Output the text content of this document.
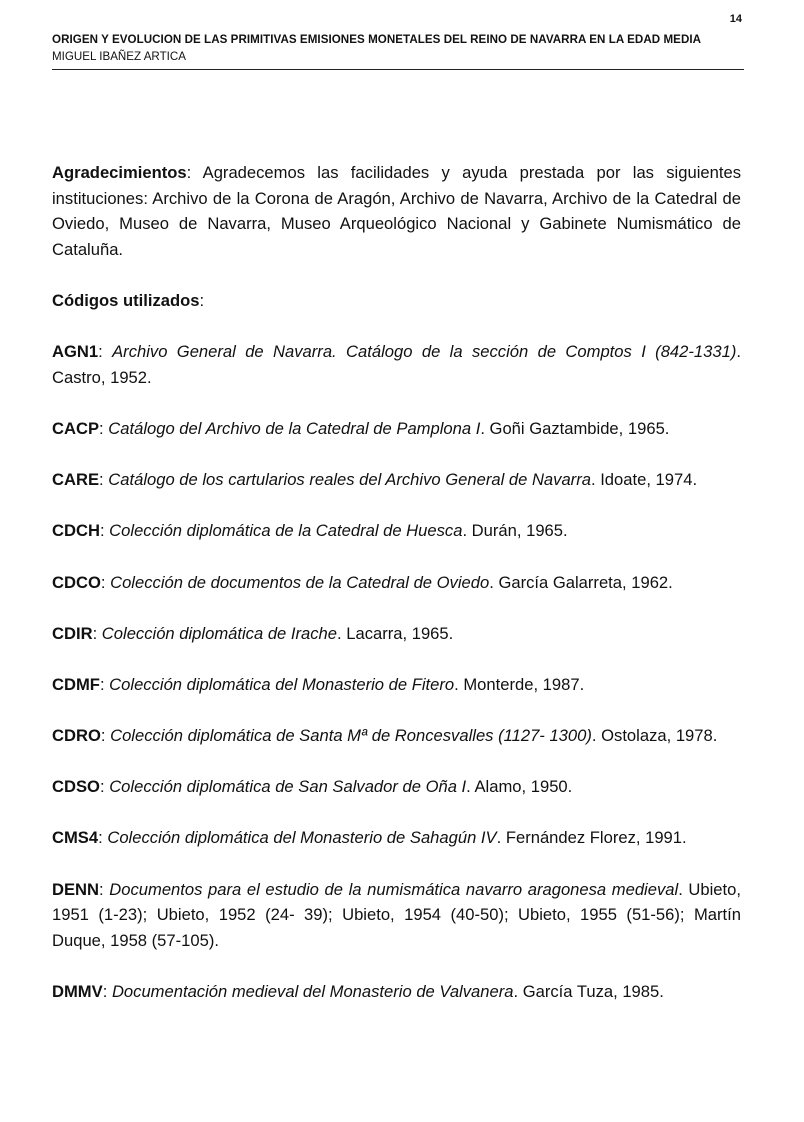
14
ORIGEN Y EVOLUCION DE LAS PRIMITIVAS EMISIONES MONETALES DEL REINO DE NAVARRA EN LA EDAD MEDIA
MIGUEL IBAÑEZ ARTICA

Agradecimientos: Agradecemos las facilidades y ayuda prestada por las siguientes instituciones: Archivo de la Corona de Aragón, Archivo de Navarra, Archivo de la Catedral de Oviedo, Museo de Navarra, Museo Arqueológico Nacional y Gabinete Numismático de Cataluña.

Códigos utilizados:

AGN1: Archivo General de Navarra. Catálogo de la sección de Comptos I (842-1331). Castro, 1952.

CACP: Catálogo del Archivo de la Catedral de Pamplona I. Goñi Gaztambide, 1965.

CARE: Catálogo de los cartularios reales del Archivo General de Navarra. Idoate, 1974.

CDCH: Colección diplomática de la Catedral de Huesca. Durán, 1965.

CDCO: Colección de documentos de la Catedral de Oviedo. García Galarreta, 1962.

CDIR: Colección diplomática de Irache. Lacarra, 1965.

CDMF: Colección diplomática del Monasterio de Fitero. Monterde, 1987.

CDRO: Colección diplomática de Santa Mª de Roncesvalles (1127- 1300). Ostolaza, 1978.

CDSO: Colección diplomática de San Salvador de Oña I. Alamo, 1950.

CMS4: Colección diplomática del Monasterio de Sahagún IV. Fernández Florez, 1991.

DENN: Documentos para el estudio de la numismática navarro aragonesa medieval. Ubieto, 1951 (1-23); Ubieto, 1952 (24- 39); Ubieto, 1954 (40-50); Ubieto, 1955 (51-56); Martín Duque, 1958 (57-105).

DMMV: Documentación medieval del Monasterio de Valvanera. García Tuza, 1985.
